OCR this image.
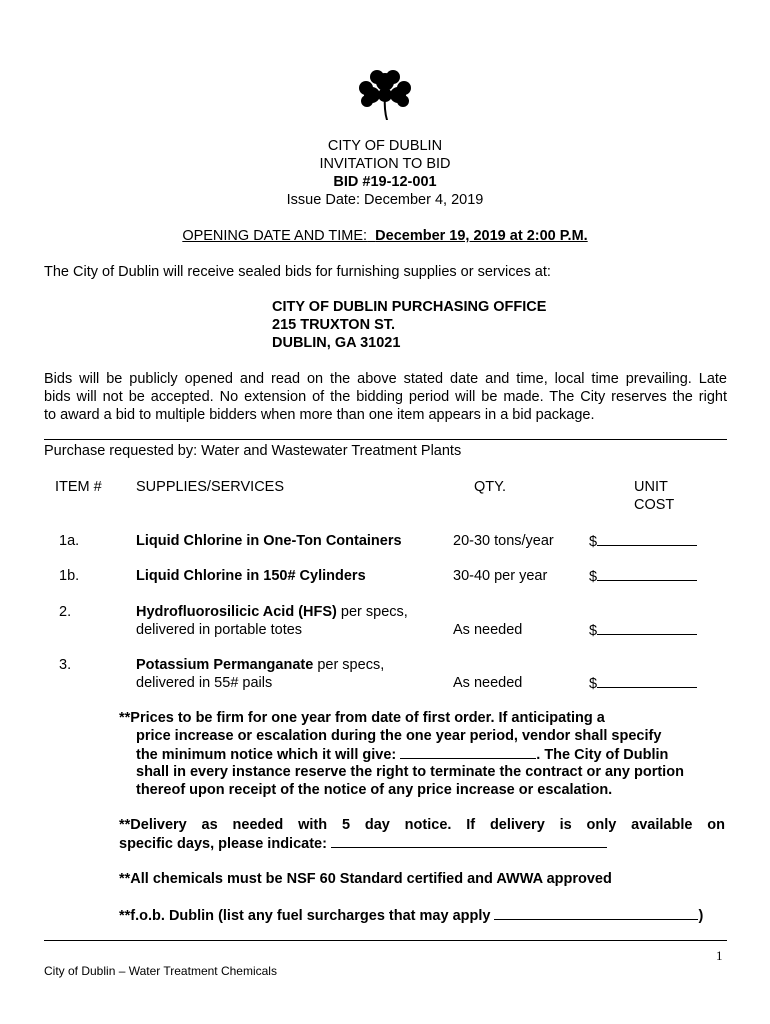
CITY OF DUBLIN
INVITATION TO BID
BID #19-12-001
Issue Date: December 4, 2019
OPENING DATE AND TIME: December 19, 2019 at 2:00 P.M.
The City of Dublin will receive sealed bids for furnishing supplies or services at:
CITY OF DUBLIN PURCHASING OFFICE
215 TRUXTON ST.
DUBLIN, GA 31021
Bids will be publicly opened and read on the above stated date and time, local time prevailing. Late
bids will not be accepted. No extension of the bidding period will be made. The City reserves the right
to award a bid to multiple bidders when more than one item appears in a bid package.
Purchase requested by: Water and Wastewater Treatment Plants
ITEM # SUPPLIES/SERVICES	QTY.	UNIT
COST
1a.	Liquid Chlorine in One-Ton Containers	20-30 tons/year $
1b.	Liquid Chlorine in 150# Cylinders	30-40 per year	$
2.	Hydrofluorosilicic Acid (HFS) per specs,
delivered in portable totes	As needed	$
3.	Potassium Permanganate per specs,
delivered in 55# pails	As needed	$
**Prices to be firm for one year from date of first order. If anticipating a
price increase or escalation during the one year period, vendor shall specify
the minimum notice which it will give:	. The City of Dublin
shall in every instance reserve the right to terminate the contract or any portion
thereof upon receipt of the notice of any price increase or escalation.
**Delivery as needed with 5 day notice. If delivery is only available on
specific days, please indicate:
**All chemicals must be NSF 60 Standard certified and AWWA approved
**f.o.b. Dublin (list any fuel surcharges that may apply	)
1
City of Dublin – Water Treatment Chemicals
